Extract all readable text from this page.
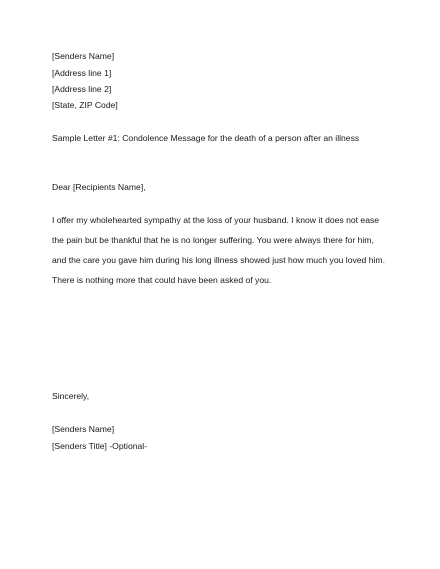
[Senders Name]
[Address line 1]
[Address line 2]
[State, ZIP Code]
Sample Letter #1: Condolence Message for the death of a person after an illness
Dear [Recipients Name],
I offer my wholehearted sympathy at the loss of your husband. I know it does not ease
the pain but be thankful that he is no longer suffering. You were always there for him,
and the care you gave him during his long illness showed just how much you loved him.
There is nothing more that could have been asked of you.
Sincerely,
[Senders Name]
[Senders Title] -Optional-
